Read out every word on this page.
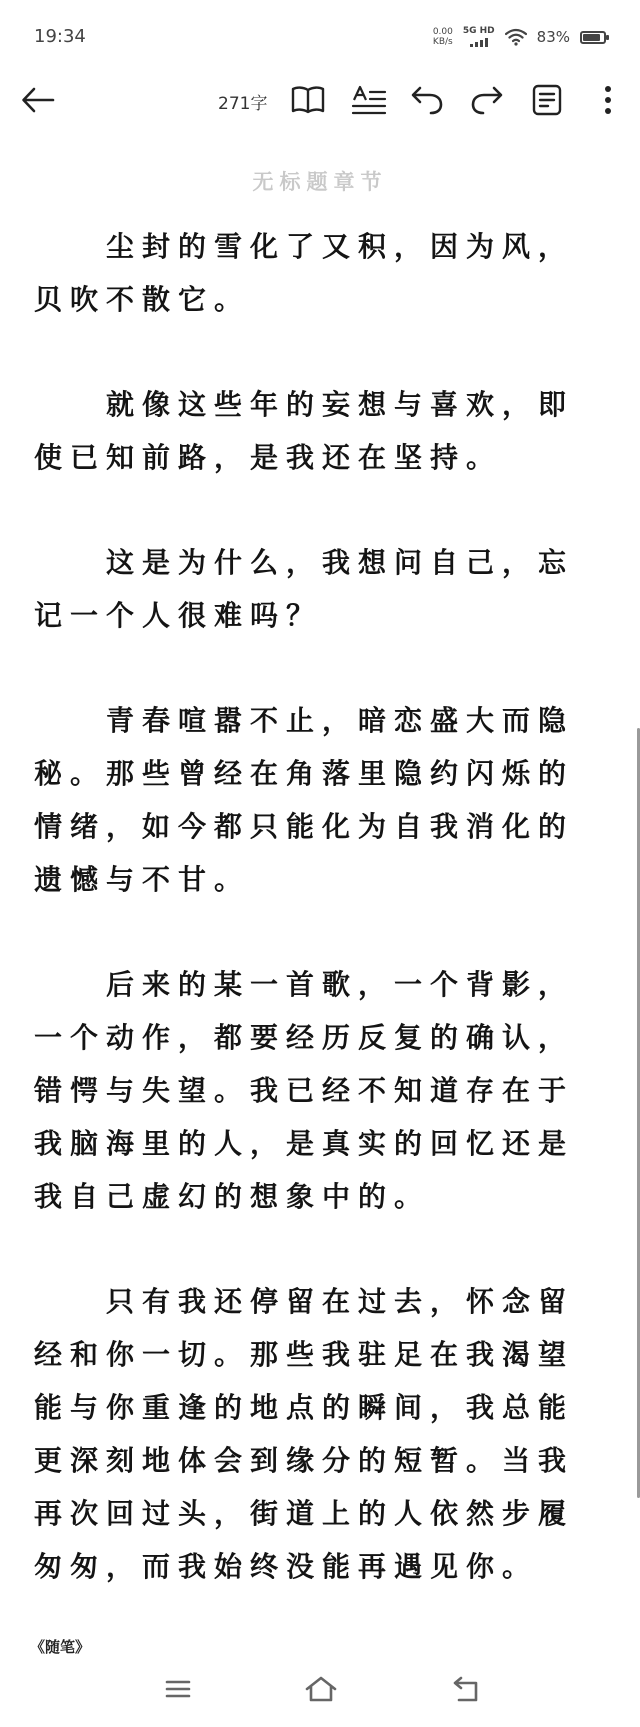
19:34	0.00
KB/s
5G HD	83%
271字
无标题章节

尘封的雪化了又积，因为风，贝吹不散它。

就像这些年的妄想与喜欢，即使已知前路，是我还在坚持。

这是为什么，我想问自己，忘记一个人很难吗？

青春喧嚣不止，暗恋盛大而隐秘。那些曾经在角落里隐约闪烁的情绪，如今都只能化为自我消化的遗憾与不甘。

后来的某一首歌，一个背影，一个动作，都要经历反复的确认，错愕与失望。我已经不知道存在于我脑海里的人，是真实的回忆还是我自己虚幻的想象中的。

只有我还停留在过去，怀念留经和你一切。那些我驻足在我渴望能与你重逢的地点的瞬间，我总能更深刻地体会到缘分的短暂。当我再次回过头，街道上的人依然步履匆匆，而我始终没能再遇见你。

《随笔》
